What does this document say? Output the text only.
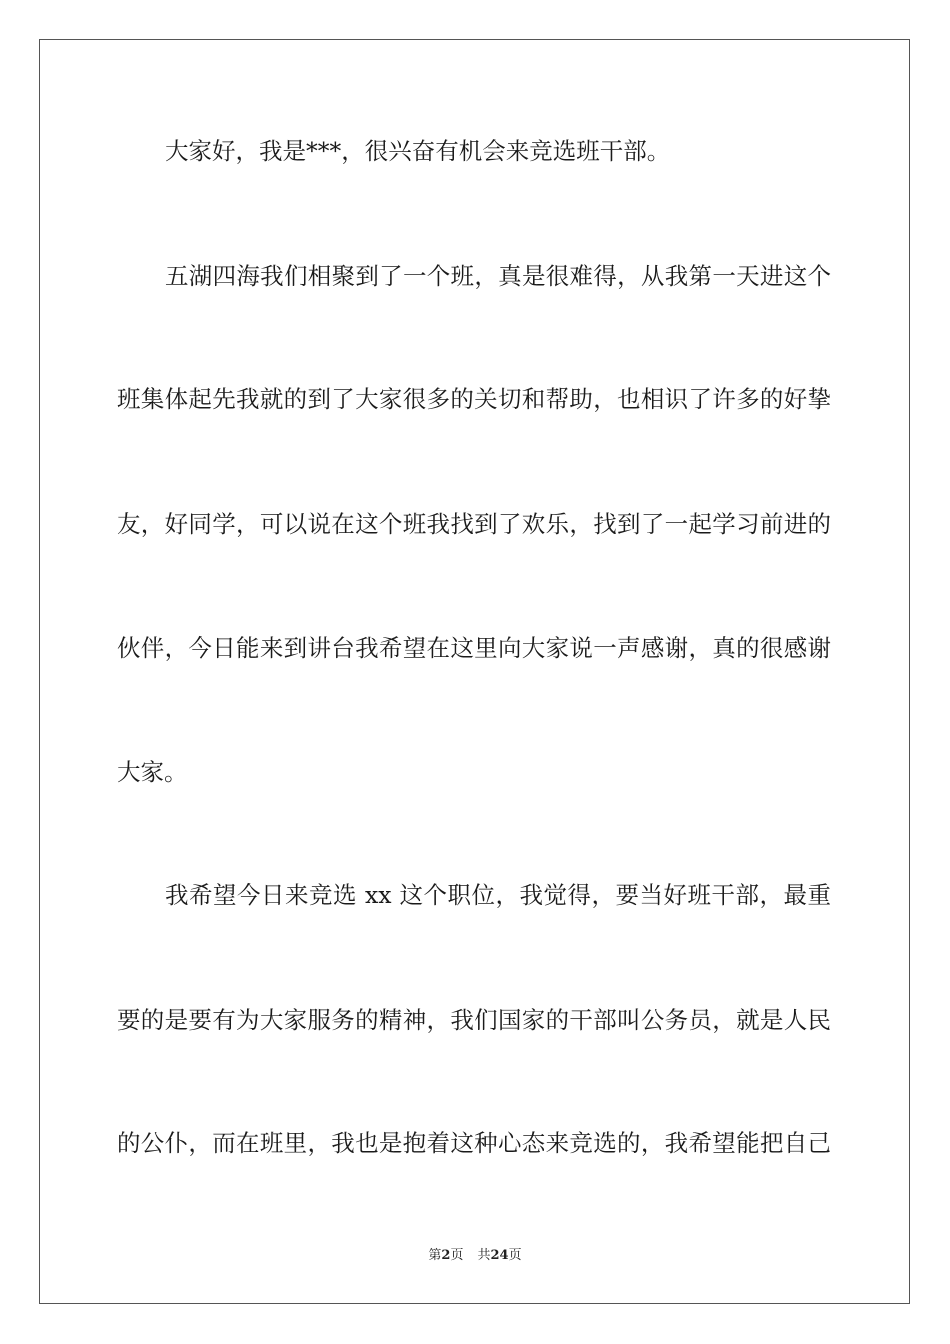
大家好，我是***，很兴奋有机会来竞选班干部。
五湖四海我们相聚到了一个班，真是很难得，从我第一天进这个
班集体起先我就的到了大家很多的关切和帮助，也相识了许多的好挚
友，好同学，可以说在这个班我找到了欢乐，找到了一起学习前进的
伙伴，今日能来到讲台我希望在这里向大家说一声感谢，真的很感谢
大家。
我希望今日来竞选 xx 这个职位，我觉得，要当好班干部，最重
要的是要有为大家服务的精神，我们国家的干部叫公务员，就是人民
的公仆，而在班里，我也是抱着这种心态来竞选的，我希望能把自己
第2页 共24页
